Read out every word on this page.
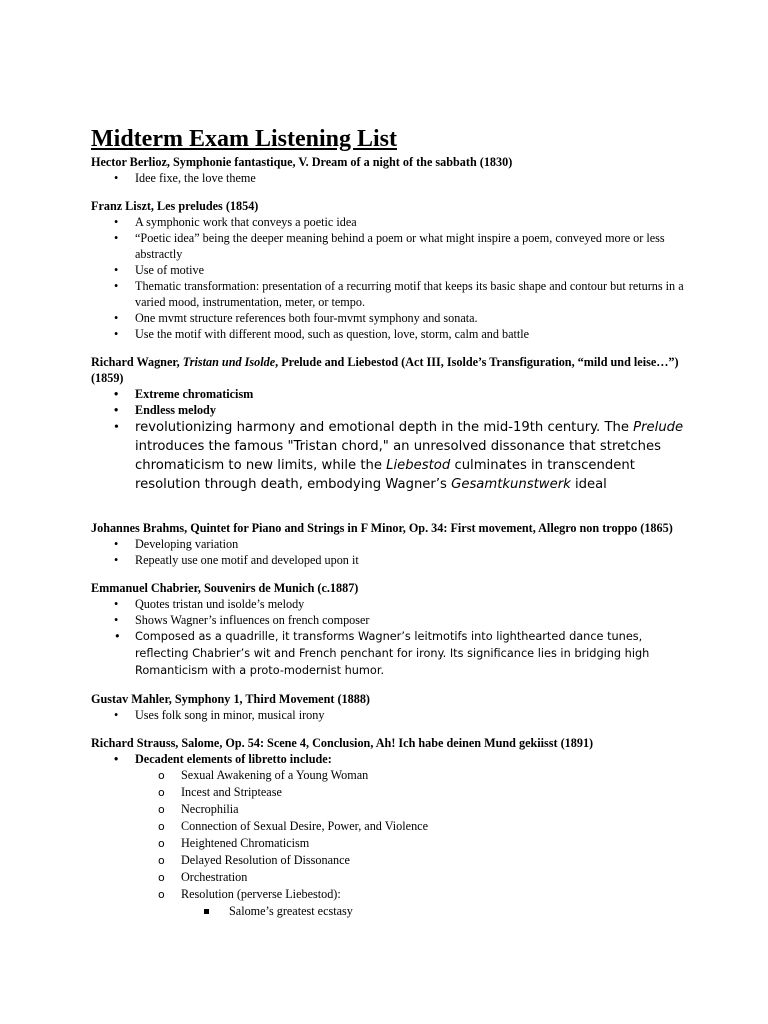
Midterm Exam Listening List

Hector Berlioz, Symphonie fantastique, V. Dream of a night of the sabbath (1830)

•	Idee fixe, the love theme

Franz Liszt, Les preludes (1854)

•	A symphonic work that conveys a poetic idea
•	“Poetic idea” being the deeper meaning behind a poem or what might inspire a poem, conveyed more or less abstractly
•	Use of motive
•	Thematic transformation: presentation of a recurring motif that keeps its basic shape and contour but returns in a varied mood, instrumentation, meter, or tempo.
•	One mvmt structure references both four-mvmt symphony and sonata.
•	Use the motif with different mood, such as question, love, storm, calm and battle

Richard Wagner, Tristan und Isolde, Prelude and Liebestod (Act III, Isolde’s Transfiguration, “mild und leise…”) (1859)

•	Extreme chromaticism
•	Endless melody
•	revolutionizing harmony and emotional depth in the mid-19th century. The Prelude introduces the famous "Tristan chord," an unresolved dissonance that stretches chromaticism to new limits, while the Liebestod culminates in transcendent resolution through death, embodying Wagner’s Gesamtkunstwerk ideal

Johannes Brahms, Quintet for Piano and Strings in F Minor, Op. 34: First movement, Allegro non troppo (1865)

•	Developing variation
•	Repeatly use one motif and developed upon it

Emmanuel Chabrier, Souvenirs de Munich (c.1887)

•	Quotes tristan und isolde’s melody
•	Shows Wagner’s influences on french composer
•	Composed as a quadrille, it transforms Wagner’s leitmotifs into lighthearted dance tunes, reflecting Chabrier’s wit and French penchant for irony. Its significance lies in bridging high Romanticism with a proto-modernist humor.

Gustav Mahler, Symphony 1, Third Movement (1888)

•	Uses folk song in minor, musical irony

Richard Strauss, Salome, Op. 54: Scene 4, Conclusion, Ah! Ich habe deinen Mund gekiisst (1891)

•	Decadent elements of libretto include:
o Sexual Awakening of a Young Woman
o Incest and Striptease
o Necrophilia
o Connection of Sexual Desire, Power, and Violence
o Heightened Chromaticism
o Delayed Resolution of Dissonance
o Orchestration
o Resolution (perverse Liebestod):
Salome’s greatest ecstasy
